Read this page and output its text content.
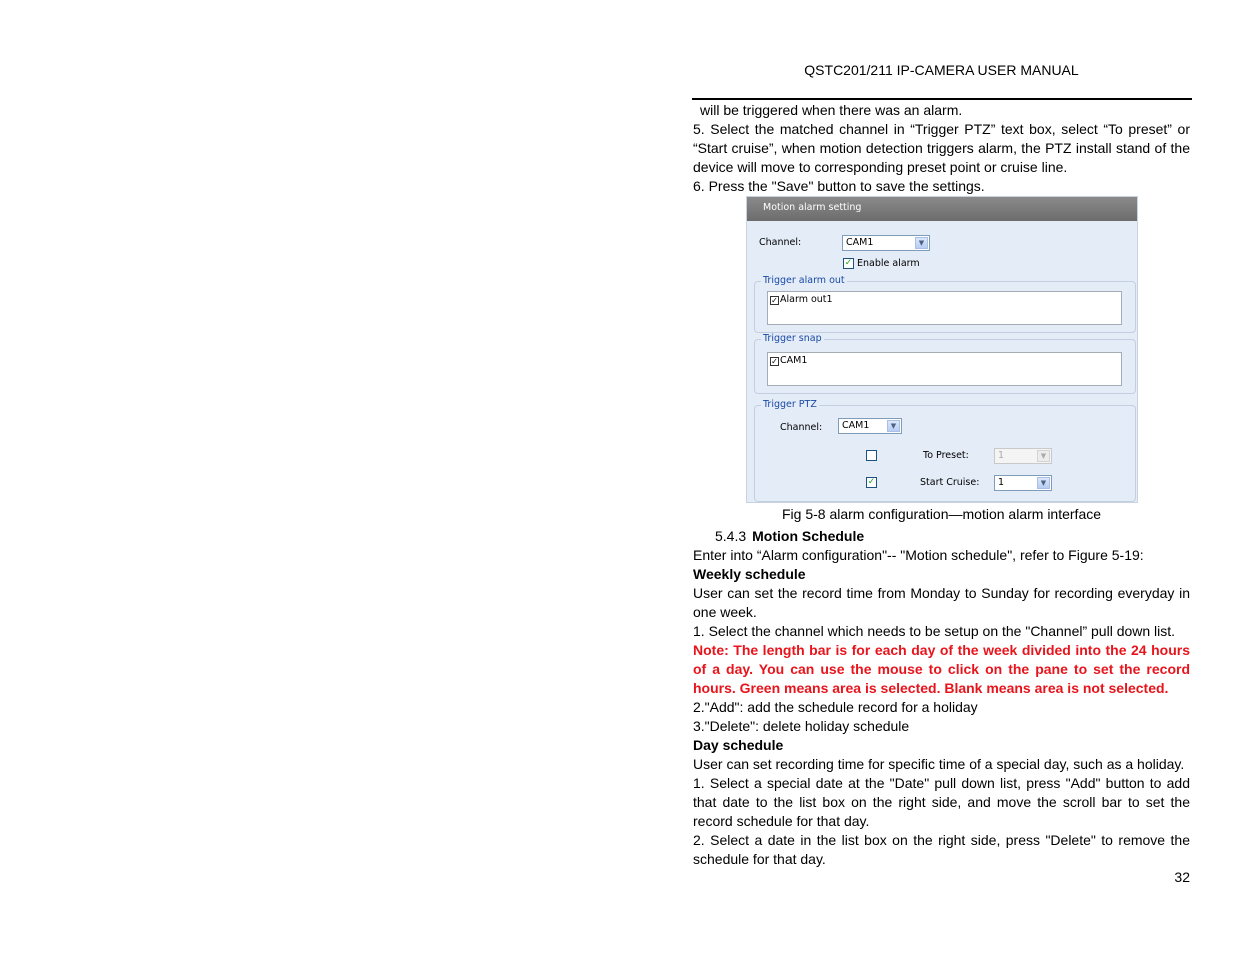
QSTC201/211 IP-CAMERA USER MANUAL

will be triggered when there was an alarm.

5. Select the matched channel in “Trigger PTZ” text box, select “To preset” or “Start cruise”, when motion detection triggers alarm, the PTZ install stand of the device will move to corresponding preset point or cruise line.

6. Press the "Save" button to save the settings.

Motion alarm setting
Channel:	CAM1	▼
✓ Enable alarm
Trigger alarm out
✓ Alarm out1
Trigger snap
✓ CAM1
Trigger PTZ
Channel: CAM1	▼
To Preset:	1	▼
✓	Start Cruise: 1	▼

Fig 5-8 alarm configuration—motion alarm interface

5.4.3 Motion Schedule

Enter into “Alarm configuration"-- "Motion schedule", refer to Figure 5-19:

Weekly schedule

User can set the record time from Monday to Sunday for recording everyday in one week.

1. Select the channel which needs to be setup on the "Channel” pull down list.

Note: The length bar is for each day of the week divided into the 24 hours of a day. You can use the mouse to click on the pane to set the record hours. Green means area is selected. Blank means area is not selected.

2."Add": add the schedule record for a holiday

3."Delete": delete holiday schedule

Day schedule

User can set recording time for specific time of a special day, such as a holiday.

1. Select a special date at the "Date" pull down list, press "Add" button to add that date to the list box on the right side, and move the scroll bar to set the record schedule for that day.

2. Select a date in the list box on the right side, press "Delete" to remove the schedule for that day.

32
